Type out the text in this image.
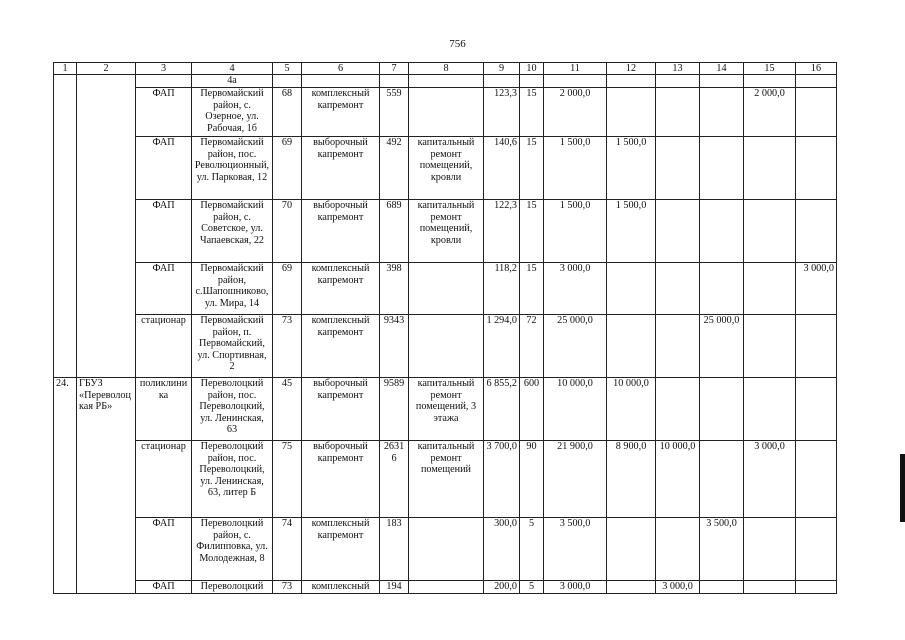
756
1	2	3	4	5	6	7	8	9	10	11	12	13	14	15	16
			4а												
		ФАП	Первомайский район, с. Озерное, ул. Рабочая, 1б	68	комплексный капремонт	559		123,3	15	2 000,0				2 000,0	
		ФАП	Первомайский район, пос. Революционный, ул. Парковая, 12	69	выборочный капремонт	492	капитальный ремонт помещений, кровли	140,6	15	1 500,0	1 500,0				
		ФАП	Первомайский район, с. Советское, ул. Чапаевская, 22	70	выборочный капремонт	689	капитальный ремонт помещений, кровли	122,3	15	1 500,0	1 500,0				
		ФАП	Первомайский район, с.Шапошниково, ул. Мира, 14	69	комплексный капремонт	398		118,2	15	3 000,0					3 000,0
		стационар	Первомайский район, п. Первомайский, ул. Спортивная, 2	73	комплексный капремонт	9343		1 294,0	72	25 000,0			25 000,0		
24.	ГБУЗ «Переволоцкая РБ»	поликлиника	Переволоцкий район, пос. Переволоцкий, ул. Ленинская, 63	45	выборочный капремонт	9589	капитальный ремонт помещений, 3 этажа	6 855,2	600	10 000,0	10 000,0				
		стационар	Переволоцкий район, пос. Переволоцкий, ул. Ленинская, 63, литер Б	75	выборочный капремонт	26316	капитальный ремонт помещений	3 700,0	90	21 900,0	8 900,0	10 000,0		3 000,0	
		ФАП	Переволоцкий район, с. Филипповка, ул. Молодежная, 8	74	комплексный капремонт	183		300,0	5	3 500,0			3 500,0		
		ФАП	Переволоцкий	73	комплексный	194		200,0	5	3 000,0		3 000,0			
